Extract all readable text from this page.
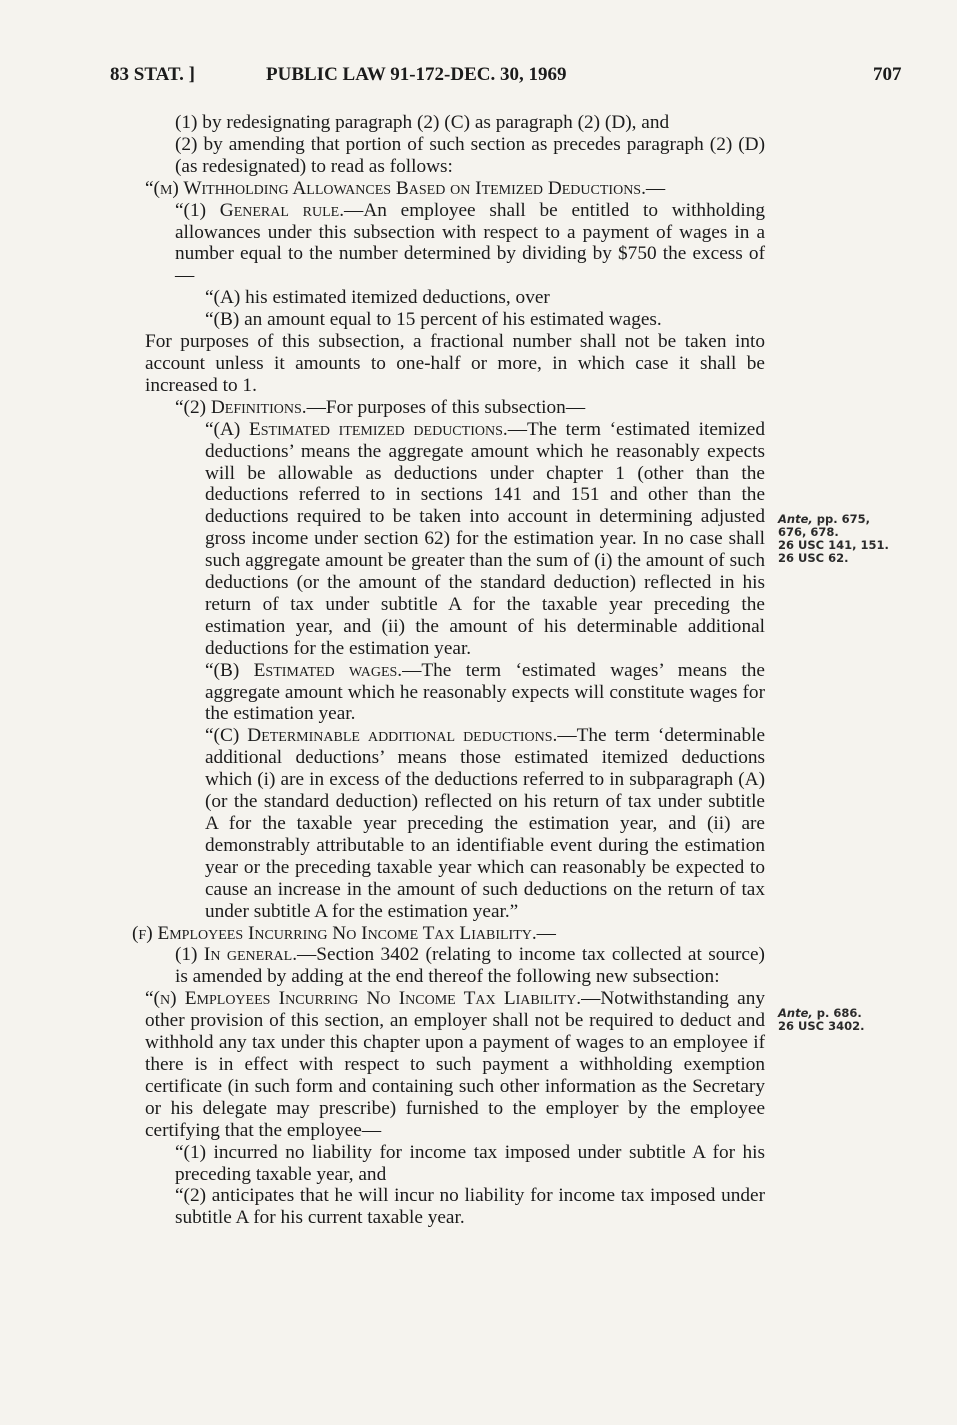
83 STAT. ]	PUBLIC LAW 91-172-DEC. 30, 1969	707

(1) by redesignating paragraph (2) (C) as paragraph (2) (D), and

(2) by amending that portion of such section as precedes paragraph (2) (D) (as redesignated) to read as follows:

“(m) Withholding Allowances Based on Itemized Deductions.—

“(1) General rule.—An employee shall be entitled to withholding allowances under this subsection with respect to a payment of wages in a number equal to the number determined by dividing by $750 the excess of—

“(A) his estimated itemized deductions, over

“(B) an amount equal to 15 percent of his estimated wages.

For purposes of this subsection, a fractional number shall not be taken into account unless it amounts to one-half or more, in which case it shall be increased to 1.

“(2) Definitions.—For purposes of this subsection—

“(A) Estimated itemized deductions.—The term ‘estimated itemized deductions’ means the aggregate amount which he reasonably expects will be allowable as deductions under chapter 1 (other than the deductions referred to in sections 141 and 151 and other than the deductions required to be taken into account in determining adjusted gross income under section 62) for the estimation year. In no case shall such aggregate amount be greater than the sum of (i) the amount of such deductions (or the amount of the standard deduction) reflected in his return of tax under subtitle A for the taxable year preceding the estimation year, and (ii) the amount of his determinable additional deductions for the estimation year.

“(B) Estimated wages.—The term ‘estimated wages’ means the aggregate amount which he reasonably expects will constitute wages for the estimation year.

“(C) Determinable additional deductions.—The term ‘determinable additional deductions’ means those estimated itemized deductions which (i) are in excess of the deductions referred to in subparagraph (A) (or the standard deduction) reflected on his return of tax under subtitle A for the taxable year preceding the estimation year, and (ii) are demonstrably attributable to an identifiable event during the estimation year or the preceding taxable year which can reasonably be expected to cause an increase in the amount of such deductions on the return of tax under subtitle A for the estimation year.”

(f) Employees Incurring No Income Tax Liability.—

(1) In general.—Section 3402 (relating to income tax collected at source) is amended by adding at the end thereof the following new subsection:

“(n) Employees Incurring No Income Tax Liability.—Notwithstanding any other provision of this section, an employer shall not be required to deduct and withhold any tax under this chapter upon a payment of wages to an employee if there is in effect with respect to such payment a withholding exemption certificate (in such form and containing such other information as the Secretary or his delegate may prescribe) furnished to the employer by the employee certifying that the employee—

“(1) incurred no liability for income tax imposed under subtitle A for his preceding taxable year, and

“(2) anticipates that he will incur no liability for income tax imposed under subtitle A for his current taxable year.

Ante, pp. 675,
676, 678.
26 USC 141, 151.
26 USC 62.
Ante, p. 686.
26 USC 3402.
